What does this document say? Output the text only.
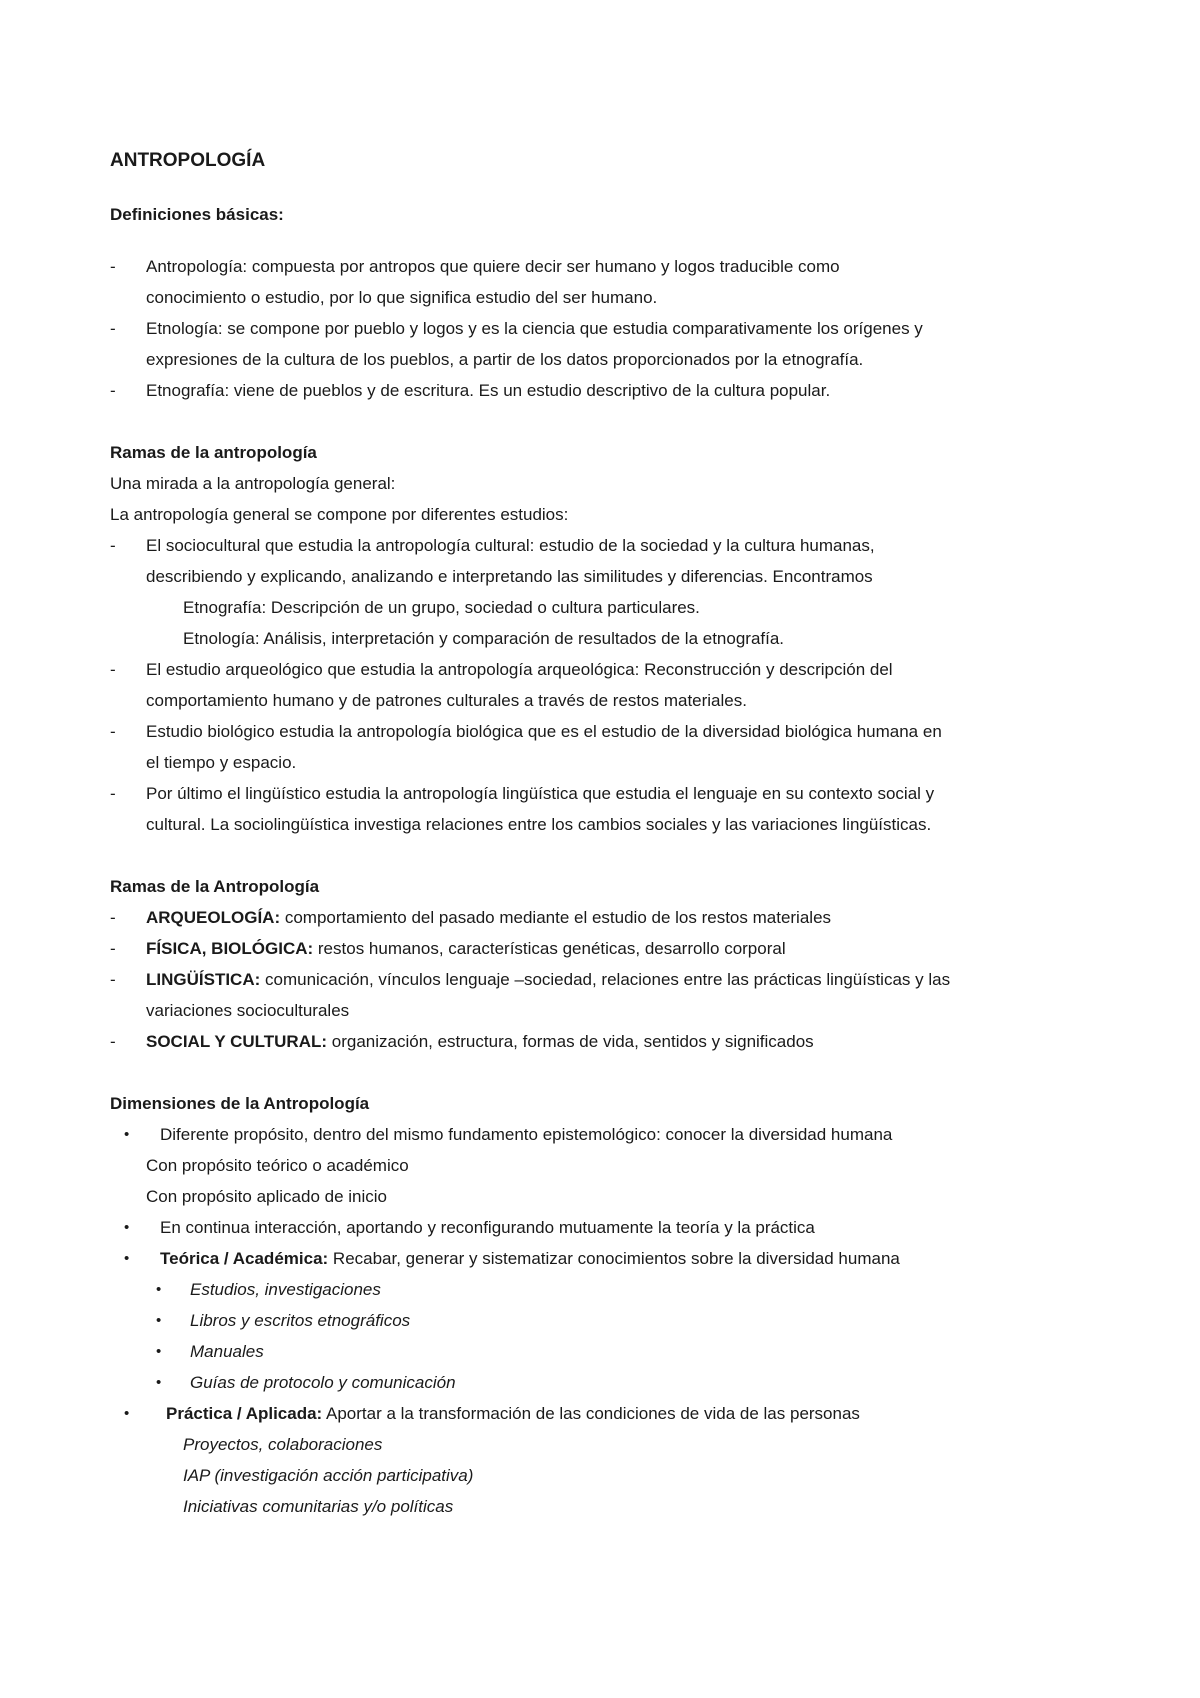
ANTROPOLOGÍA
Definiciones básicas:
- Antropología: compuesta por antropos que quiere decir ser humano y logos traducible como
conocimiento o estudio, por lo que significa estudio del ser humano.
- Etnología: se compone por pueblo y logos y es la ciencia que estudia comparativamente los orígenes y
expresiones de la cultura de los pueblos, a partir de los datos proporcionados por la etnografía.
- Etnografía: viene de pueblos y de escritura. Es un estudio descriptivo de la cultura popular.
Ramas de la antropología
Una mirada a la antropología general:
La antropología general se compone por diferentes estudios:
- El sociocultural que estudia la antropología cultural: estudio de la sociedad y la cultura humanas,
describiendo y explicando, analizando e interpretando las similitudes y diferencias. Encontramos
Etnografía: Descripción de un grupo, sociedad o cultura particulares.
Etnología: Análisis, interpretación y comparación de resultados de la etnografía.
- El estudio arqueológico que estudia la antropología arqueológica: Reconstrucción y descripción del
comportamiento humano y de patrones culturales a través de restos materiales.
- Estudio biológico estudia la antropología biológica que es el estudio de la diversidad biológica humana en
el tiempo y espacio.
- Por último el lingüístico estudia la antropología lingüística que estudia el lenguaje en su contexto social y
cultural. La sociolingüística investiga relaciones entre los cambios sociales y las variaciones lingüísticas.
Ramas de la Antropología
- ARQUEOLOGÍA: comportamiento del pasado mediante el estudio de los restos materiales
- FÍSICA, BIOLÓGICA: restos humanos, características genéticas, desarrollo corporal
- LINGÜÍSTICA: comunicación, vínculos lenguaje –sociedad, relaciones entre las prácticas lingüísticas y las
variaciones socioculturales
- SOCIAL Y CULTURAL: organización, estructura, formas de vida, sentidos y significados
Dimensiones de la Antropología
• Diferente propósito, dentro del mismo fundamento epistemológico: conocer la diversidad humana
Con propósito teórico o académico
Con propósito aplicado de inicio
• En continua interacción, aportando y reconfigurando mutuamente la teoría y la práctica
• Teórica / Académica: Recabar, generar y sistematizar conocimientos sobre la diversidad humana
• Estudios, investigaciones
• Libros y escritos etnográficos
• Manuales
• Guías de protocolo y comunicación
• Práctica / Aplicada: Aportar a la transformación de las condiciones de vida de las personas
Proyectos, colaboraciones
IAP (investigación acción participativa)
Iniciativas comunitarias y/o políticas
